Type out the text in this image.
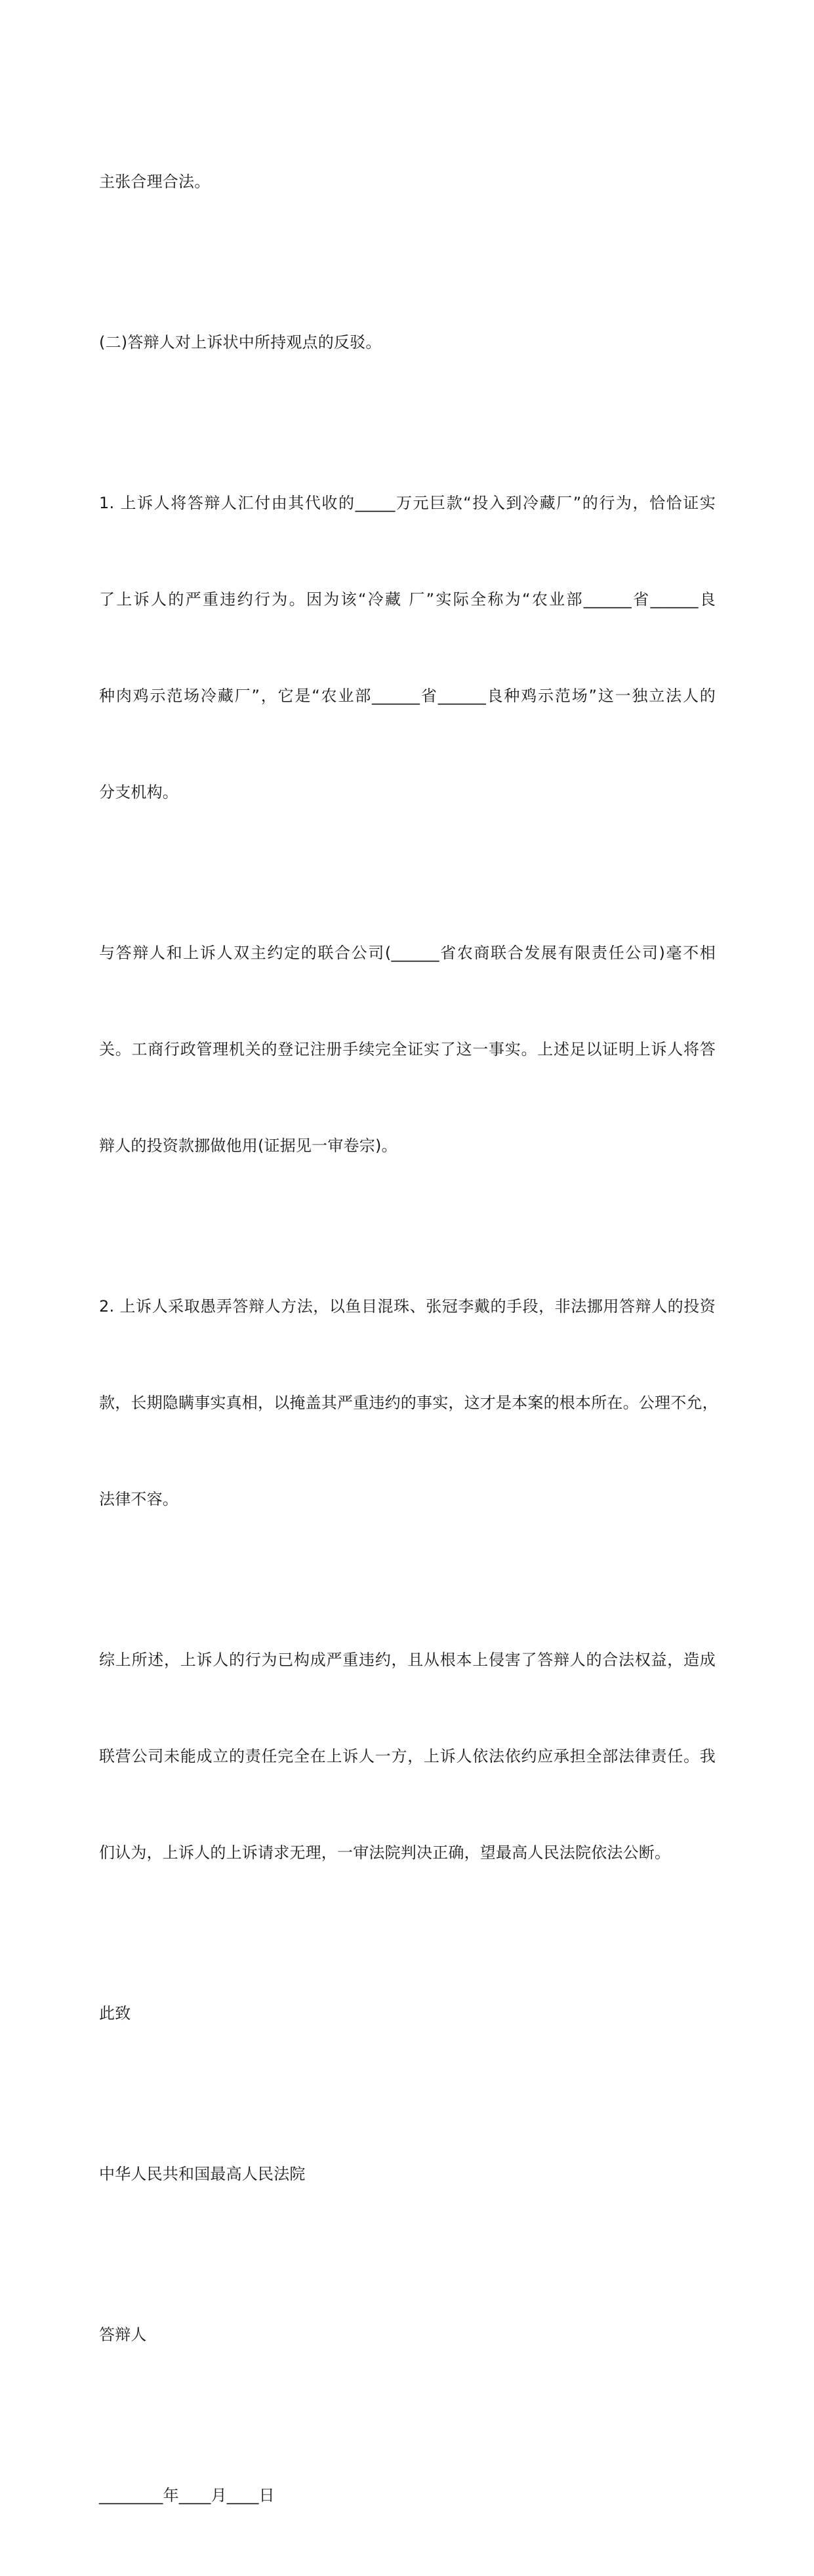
主张合理合法。

(二)答辩人对上诉状中所持观点的反驳。

1. 上诉人将答辩人汇付由其代收的_____万元巨款“投入到冷藏厂”的行为，恰恰证实

了上诉人的严重违约行为。因为该“冷藏 厂”实际全称为“农业部______省______良

种肉鸡示范场冷藏厂”，它是“农业部______省______良种鸡示范场”这一独立法人的

分支机构。

与答辩人和上诉人双主约定的联合公司(______省农商联合发展有限责任公司)毫不相

关。工商行政管理机关的登记注册手续完全证实了这一事实。上述足以证明上诉人将答

辩人的投资款挪做他用(证据见一审卷宗)。

2. 上诉人采取愚弄答辩人方法，以鱼目混珠、张冠李戴的手段，非法挪用答辩人的投资

款，长期隐瞒事实真相，以掩盖其严重违约的事实，这才是本案的根本所在。公理不允，

法律不容。

综上所述，上诉人的行为已构成严重违约，且从根本上侵害了答辩人的合法权益，造成

联营公司未能成立的责任完全在上诉人一方，上诉人依法依约应承担全部法律责任。我

们认为，上诉人的上诉请求无理，一审法院判决正确，望最高人民法院依法公断。

此致

中华人民共和国最高人民法院

答辩人

________年____月____日
